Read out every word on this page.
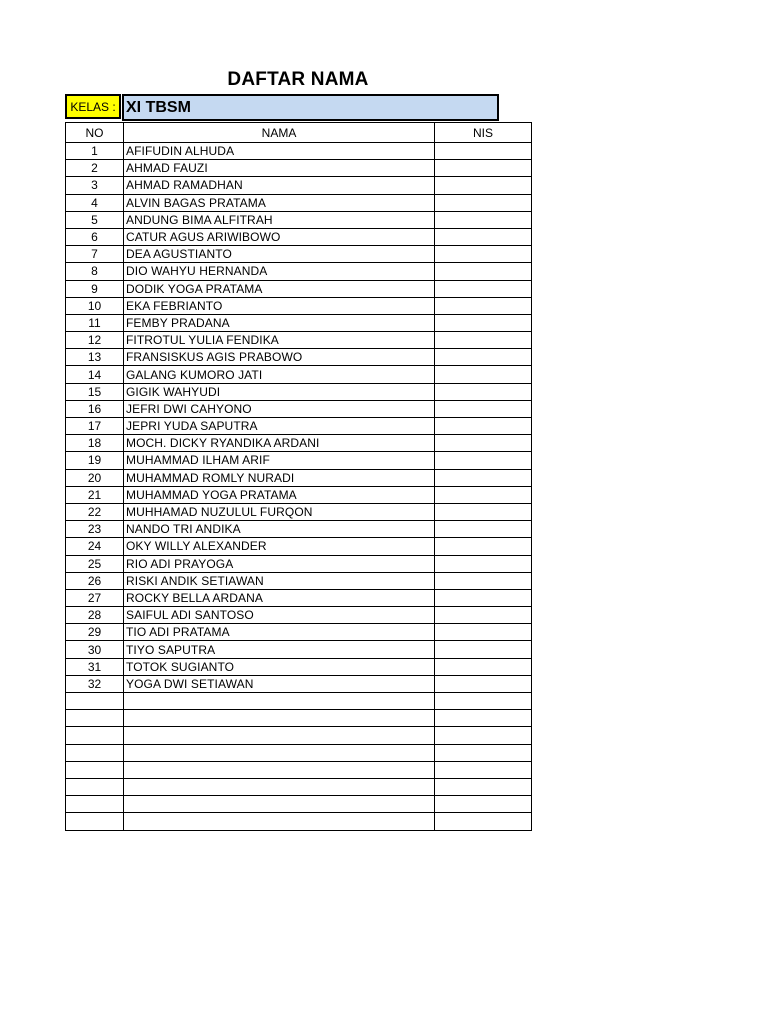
DAFTAR NAMA
KELAS : XI TBSM
NO	NAMA	NIS
1	AFIFUDIN ALHUDA	
2	AHMAD FAUZI	
3	AHMAD RAMADHAN	
4	ALVIN BAGAS PRATAMA	
5	ANDUNG BIMA ALFITRAH	
6	CATUR AGUS ARIWIBOWO	
7	DEA AGUSTIANTO	
8	DIO WAHYU HERNANDA	
9	DODIK YOGA PRATAMA	
10	EKA FEBRIANTO	
11	FEMBY PRADANA	
12	FITROTUL YULIA FENDIKA	
13	FRANSISKUS AGIS PRABOWO	
14	GALANG KUMORO JATI	
15	GIGIK WAHYUDI	
16	JEFRI DWI CAHYONO	
17	JEPRI YUDA SAPUTRA	
18	MOCH. DICKY RYANDIKA ARDANI	
19	MUHAMMAD ILHAM ARIF	
20	MUHAMMAD ROMLY NURADI	
21	MUHAMMAD YOGA PRATAMA	
22	MUHHAMAD NUZULUL FURQON	
23	NANDO TRI ANDIKA	
24	OKY WILLY ALEXANDER	
25	RIO ADI PRAYOGA	
26	RISKI ANDIK SETIAWAN	
27	ROCKY BELLA ARDANA	
28	SAIFUL ADI SANTOSO	
29	TIO ADI PRATAMA	
30	TIYO SAPUTRA	
31	TOTOK SUGIANTO	
32	YOGA DWI SETIAWAN	
